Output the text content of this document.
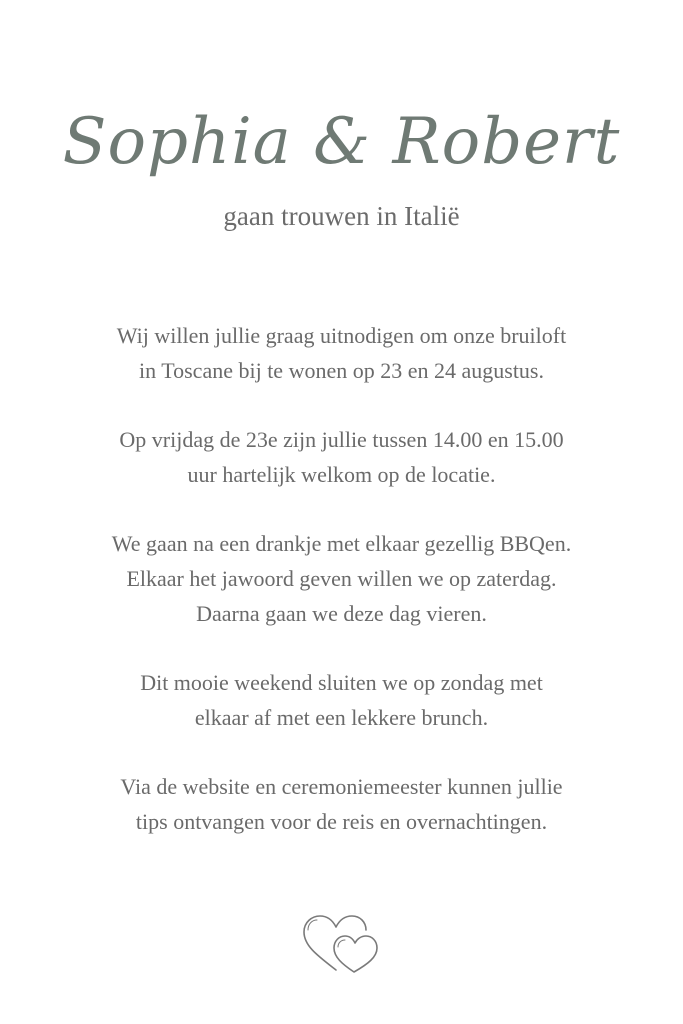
Sophia & Robert
gaan trouwen in Italië

Wij willen jullie graag uitnodigen om onze bruiloft
in Toscane bij te wonen op 23 en 24 augustus.

Op vrijdag de 23e zijn jullie tussen 14.00 en 15.00
uur hartelijk welkom op de locatie.

We gaan na een drankje met elkaar gezellig BBQen.
Elkaar het jawoord geven willen we op zaterdag.
Daarna gaan we deze dag vieren.

Dit mooie weekend sluiten we op zondag met
elkaar af met een lekkere brunch.

Via de website en ceremoniemeester kunnen jullie
tips ontvangen voor de reis en overnachtingen.
